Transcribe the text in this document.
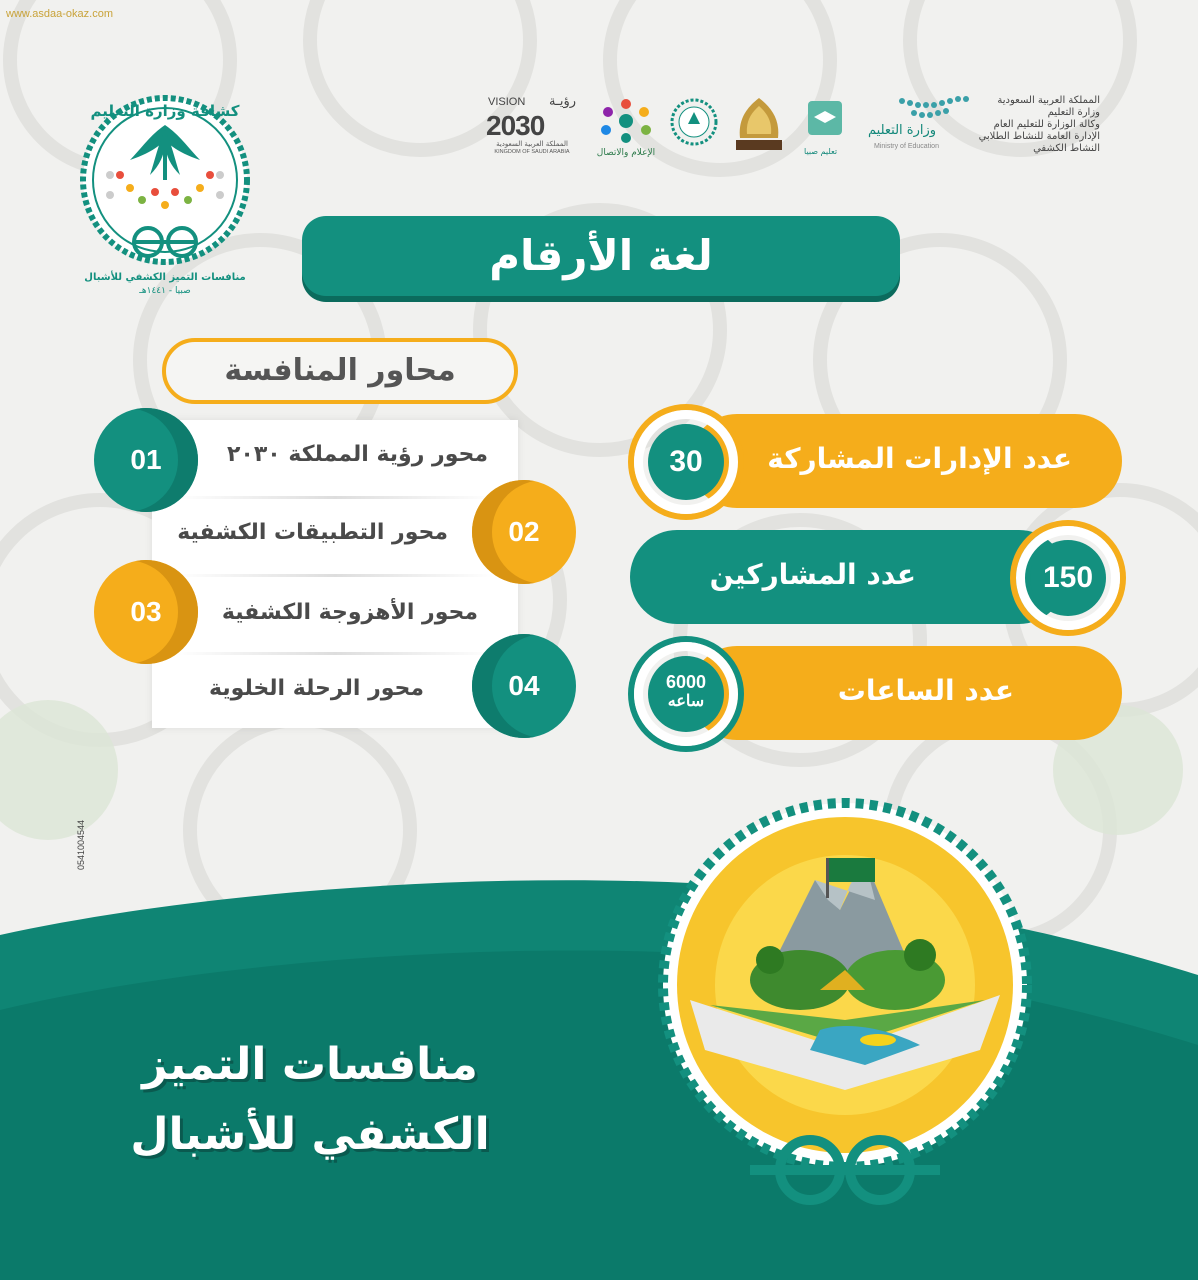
www.asdaa-okaz.com
0541004544
المملكة العربية السعودية
وزارة التعليم
وكالة الوزارة للتعليم العام
الإدارة العامة للنشاط الطلابي
النشاط الكشفي
وزارة التعليم
Ministry of Education
تعليم صبيا
الإعلام والاتصال
VISION رؤيـة
2030
المملكة العربية السعودية
KINGDOM OF SAUDI ARABIA
كشافة وزارة التعليم
منافسات التميز الكشفي للأشبال
صبيا - ١٤٤١هـ
لغة الأرقام
محاور المنافسة
محور رؤية المملكة ٢٠٣٠
محور التطبيقات الكشفية
محور الأهزوجة الكشفية
محور الرحلة الخلوية
01
02
03
04
عدد الإدارات المشاركة
30
عدد المشاركين	150
عدد الساعات
6000
ساعه
منافسات التميز
الكشفي للأشبال
